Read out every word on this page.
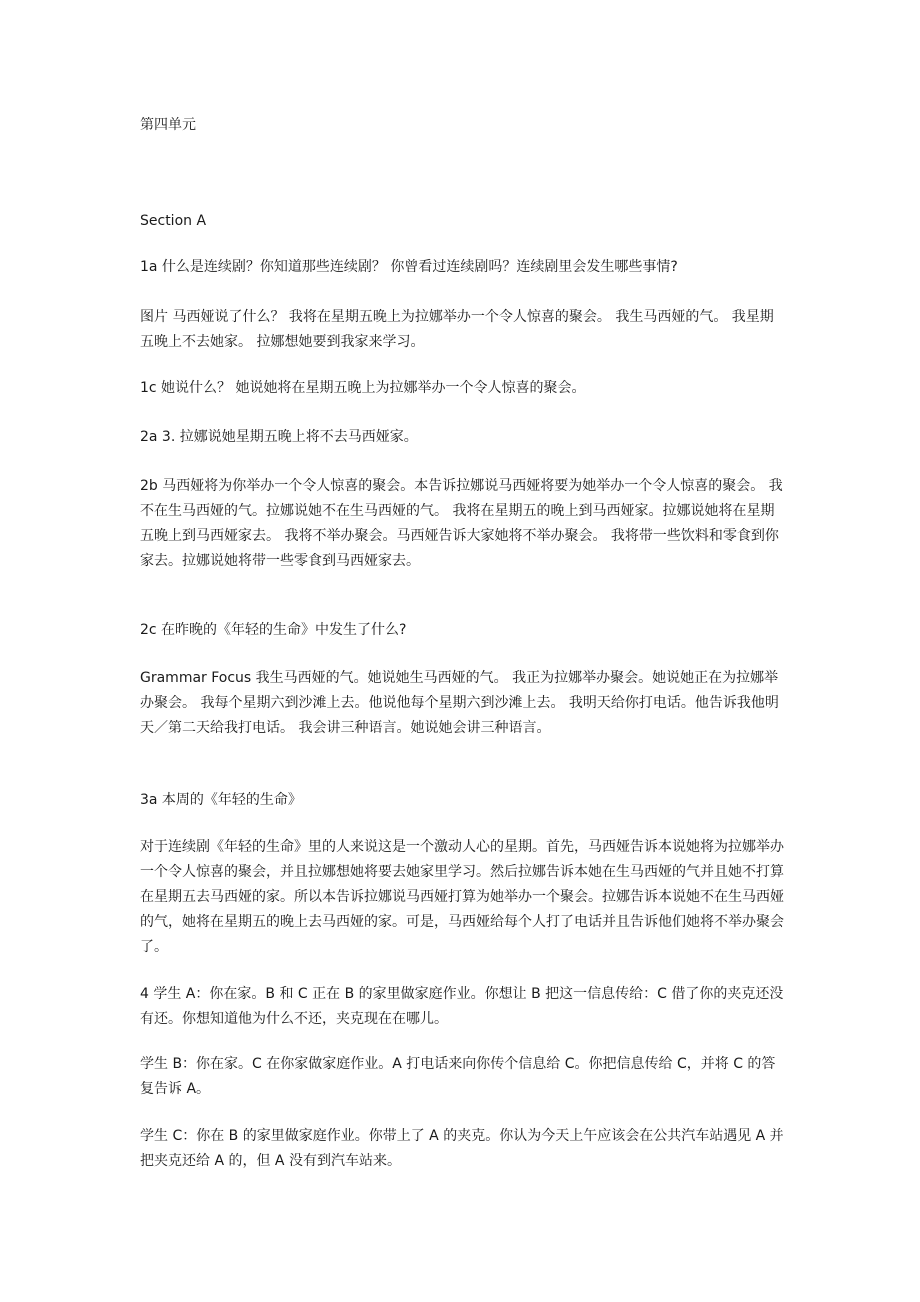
第四单元

Section A

1a 什么是连续剧？你知道那些连续剧？ 你曾看过连续剧吗？连续剧里会发生哪些事情?

图片 马西娅说了什么？ 我将在星期五晚上为拉娜举办一个令人惊喜的聚会。 我生马西娅的气。 我星期五晚上不去她家。 拉娜想她要到我家来学习。

1c 她说什么？ 她说她将在星期五晚上为拉娜举办一个令人惊喜的聚会。

2a 3. 拉娜说她星期五晚上将不去马西娅家。

2b 马西娅将为你举办一个令人惊喜的聚会。本告诉拉娜说马西娅将要为她举办一个令人惊喜的聚会。 我不在生马西娅的气。拉娜说她不在生马西娅的气。 我将在星期五的晚上到马西娅家。拉娜说她将在星期五晚上到马西娅家去。 我将不举办聚会。马西娅告诉大家她将不举办聚会。 我将带一些饮料和零食到你家去。拉娜说她将带一些零食到马西娅家去。

2c 在昨晚的《年轻的生命》中发生了什么?

Grammar Focus 我生马西娅的气。她说她生马西娅的气。 我正为拉娜举办聚会。她说她正在为拉娜举办聚会。 我每个星期六到沙滩上去。他说他每个星期六到沙滩上去。 我明天给你打电话。他告诉我他明天／第二天给我打电话。 我会讲三种语言。她说她会讲三种语言。

3a 本周的《年轻的生命》

对于连续剧《年轻的生命》里的人来说这是一个激动人心的星期。首先，马西娅告诉本说她将为拉娜举办一个令人惊喜的聚会，并且拉娜想她将要去她家里学习。然后拉娜告诉本她在生马西娅的气并且她不打算在星期五去马西娅的家。所以本告诉拉娜说马西娅打算为她举办一个聚会。拉娜告诉本说她不在生马西娅的气，她将在星期五的晚上去马西娅的家。可是，马西娅给每个人打了电话并且告诉他们她将不举办聚会了。

4 学生 A：你在家。B 和 C 正在 B 的家里做家庭作业。你想让 B 把这一信息传给：C 借了你的夹克还没有还。你想知道他为什么不还，夹克现在在哪儿。

学生 B：你在家。C 在你家做家庭作业。A 打电话来向你传个信息给 C。你把信息传给 C，并将 C 的答复告诉 A。

学生 C：你在 B 的家里做家庭作业。你带上了 A 的夹克。你认为今天上午应该会在公共汽车站遇见 A 并把夹克还给 A 的，但 A 没有到汽车站来。
